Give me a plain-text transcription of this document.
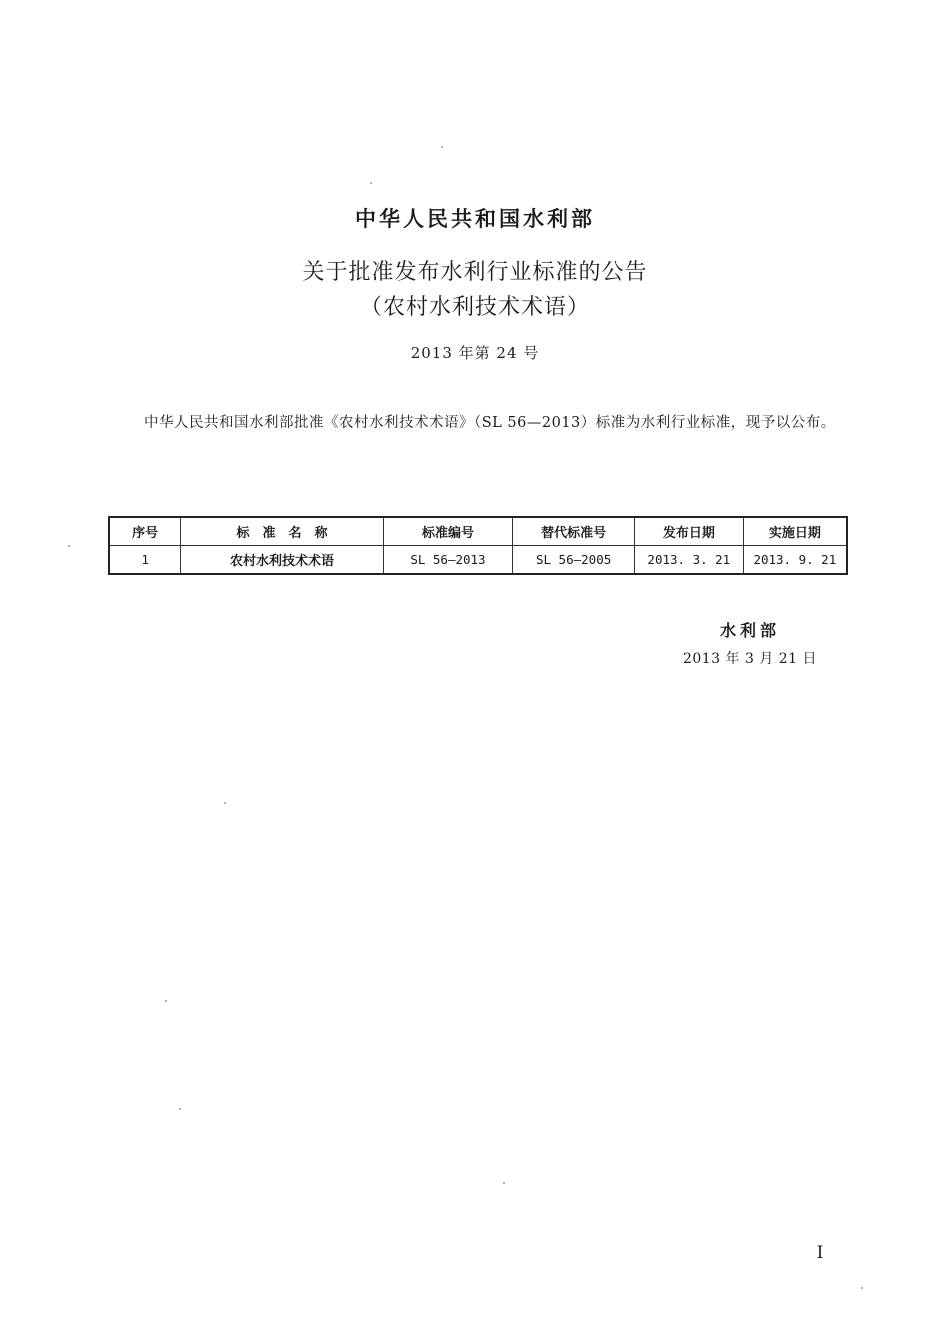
中华人民共和国水利部
关于批准发布水利行业标准的公告
（农村水利技术术语）
2013 年第 24 号
中华人民共和国水利部批准《农村水利技术术语》（SL 56—2013）标准为水利行业标准，现予以公布。
序号	标　准　名　称	标准编号	替代标准号	发布日期	实施日期
1	农村水利技术术语	SL 56—2013	SL 56—2005	2013. 3. 21	2013. 9. 21
水利部
2013 年 3 月 21 日
I
